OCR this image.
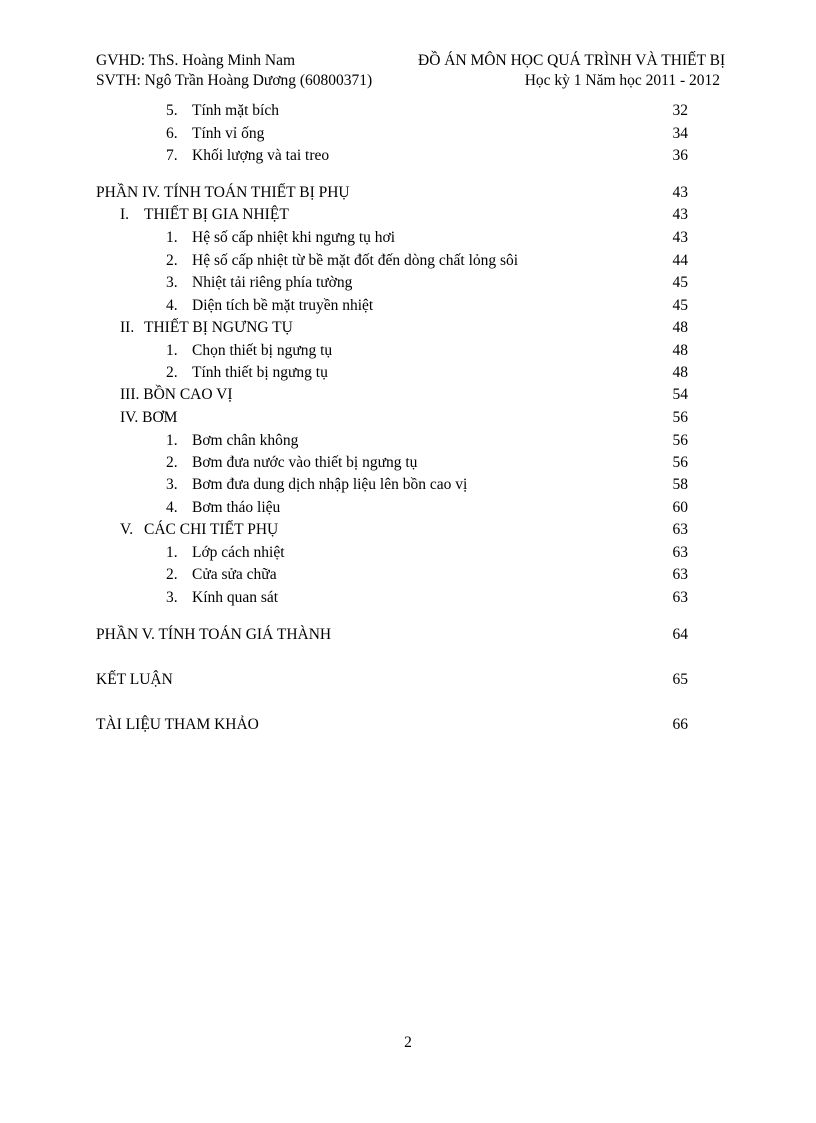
GVHD: ThS. Hoàng Minh Nam
SVTH: Ngô Trần Hoàng Dương (60800371)
ĐỒ ÁN MÔN HỌC QUÁ TRÌNH VÀ THIẾT BỊ
Học kỳ 1 Năm học 2011 - 2012
5. Tính mặt bích	32
6. Tính vỉ ống	34
7. Khối lượng và tai treo	36
PHẦN IV. TÍNH TOÁN THIẾT BỊ PHỤ	43
I. THIẾT BỊ GIA NHIỆT	43
1. Hệ số cấp nhiệt khi ngưng tụ hơi	43
2. Hệ số cấp nhiệt từ bề mặt đốt đến dòng chất lỏng sôi	44
3. Nhiệt tải riêng phía tường	45
4. Diện tích bề mặt truyền nhiệt	45
II. THIẾT BỊ NGƯNG TỤ	48
1. Chọn thiết bị ngưng tụ	48
2. Tính thiết bị ngưng tụ	48
III. BỒN CAO VỊ	54
IV. BƠM	56
1. Bơm chân không	56
2. Bơm đưa nước vào thiết bị ngưng tụ	56
3. Bơm đưa dung dịch nhập liệu lên bồn cao vị	58
4. Bơm tháo liệu	60
V. CÁC CHI TIẾT PHỤ	63
1. Lớp cách nhiệt	63
2. Cửa sửa chữa	63
3. Kính quan sát	63
PHẦN V. TÍNH TOÁN GIÁ THÀNH	64
KẾT LUẬN	65
TÀI LIỆU THAM KHẢO	66
2
